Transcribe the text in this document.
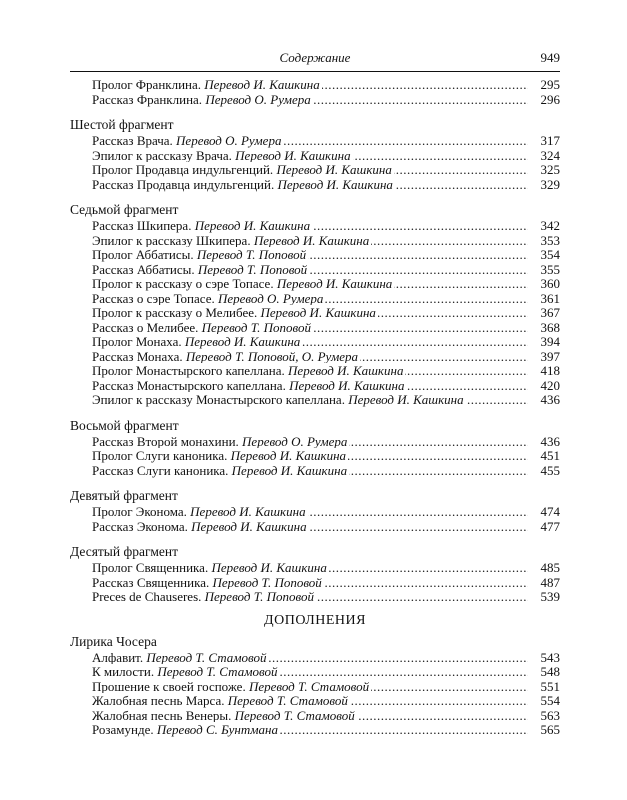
Содержание	949
.....
Пролог Франклина. Перевод И. Кашкина	295
.....
Рассказ Франклина. Перевод О. Румера	296
Шестой фрагмент
.....
Рассказ Врача. Перевод О. Румера	317
.....
Эпилог к рассказу Врача. Перевод И. Кашкина	324
.....
Пролог Продавца индульгенций. Перевод И. Кашкина	325
.....
Рассказ Продавца индульгенций. Перевод И. Кашкина	329
Седьмой фрагмент
.....
Рассказ Шкипера. Перевод И. Кашкина	342
.....
Эпилог к рассказу Шкипера. Перевод И. Кашкина	353
.....
Пролог Аббатисы. Перевод Т. Поповой	354
.....
Рассказ Аббатисы. Перевод Т. Поповой	355
.....
Пролог к рассказу о сэре Топасе. Перевод И. Кашкина	360
.....
Рассказ о сэре Топасе. Перевод О. Румера	361
.....
Пролог к рассказу о Мелибее. Перевод И. Кашкина	367
.....
Рассказ о Мелибее. Перевод Т. Поповой	368
.....
Пролог Монаха. Перевод И. Кашкина	394
.....
Рассказ Монаха. Перевод Т. Поповой, О. Румера	397
.....
Пролог Монастырского капеллана. Перевод И. Кашкина	418
.....
Рассказ Монастырского капеллана. Перевод И. Кашкина	420
.....
Эпилог к рассказу Монастырского капеллана. Перевод И. Кашкина	436
Восьмой фрагмент
.....
Рассказ Второй монахини. Перевод О. Румера	436
.....
Пролог Слуги каноника. Перевод И. Кашкина	451
.....
Рассказ Слуги каноника. Перевод И. Кашкина	455
Девятый фрагмент
.....
Пролог Эконома. Перевод И. Кашкина	474
.....
Рассказ Эконома. Перевод И. Кашкина	477
Десятый фрагмент
.....
Пролог Священника. Перевод И. Кашкина	485
.....
Рассказ Священника. Перевод Т. Поповой	487
.....
Preces de Chauseres. Перевод Т. Поповой	539
ДОПОЛНЕНИЯ
Лирика Чосера
.....
Алфавит. Перевод Т. Стамовой	543
.....
К милости. Перевод Т. Стамовой	548
.....
Прошение к своей госпоже. Перевод Т. Стамовой	551
.....
Жалобная песнь Марса. Перевод Т. Стамовой	554
.....
Жалобная песнь Венеры. Перевод Т. Стамовой	563
.....
Розамунде. Перевод С. Бунтмана	565
